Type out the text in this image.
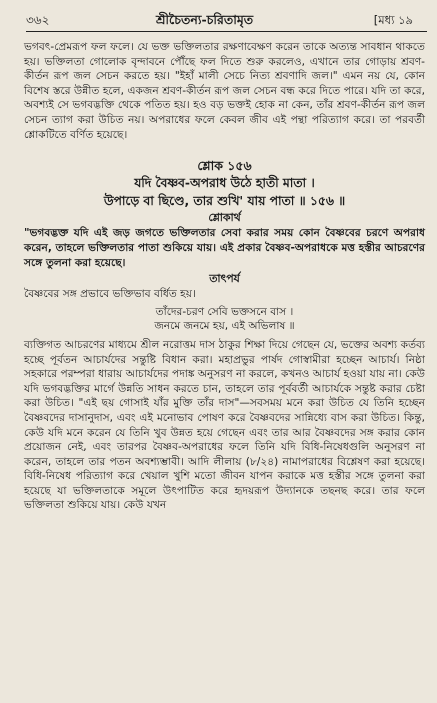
৩৬২	শ্রীচৈতন্য-চরিতামৃত	[মধ্য ১৯

ভগবৎ-প্রেমরূপ ফল ফলে। যে ভক্ত ভক্তিলতার রক্ষণাবেক্ষণ করেন তাকে অত্যন্ত সাবধান থাকতে হয়। ভক্তিলতা গোলোক বৃন্দাবনে পৌঁছে ফল দিতে শুরু করলেও, এখানে তার গোড়ায় শ্রবণ-কীর্তন রূপ জল সেচন করতে হয়। "ইহাঁ মালী সেচে নিত্য শ্রবণাদি জল।" এমন নয় যে, কোন বিশেষ স্তরে উন্নীত হলে, একজন শ্রবণ-কীর্তন রূপ জল সেচন বন্ধ করে দিতে পারে। যদি তা করে, অবশ্যই সে ভগবদ্ভক্তি থেকে পতিত হয়। হও বড় ভক্তই হোক না কেন, তাঁর শ্রবণ-কীর্তন রূপ জল সেচন ত্যাগ করা উচিত নয়। অপরাধের ফলে কেবল জীব এই পন্থা পরিত্যাগ করে। তা পরবর্তী শ্লোকটিতে বর্ণিত হয়েছে।

শ্লোক ১৫৬
যদি বৈষ্ণব-অপরাধ উঠে হাতী মাতা ।
উপাড়ে বা ছিণ্ডে, তার শুখি' যায় পাতা ॥ ১৫৬ ॥
শ্লোকার্থ

"ভগবদ্ভক্ত যদি এই জড় জগতে ভক্তিলতার সেবা করার সময় কোন বৈষ্ণবের চরণে অপরাধ করেন, তাহলে ভক্তিলতার পাতা শুকিয়ে যায়। এই প্রকার বৈষ্ণব-অপরাধকে মত্ত হস্তীর আচরণের সঙ্গে তুলনা করা হয়েছে।

তাৎপর্য

বৈষ্ণবের সঙ্গ প্রভাবে ভক্তিভাব বর্ধিত হয়।

তাঁদের-চরণ সেবি ভক্তসনে বাস ।
জনমে জনমে হয়, এই অভিলাষ ॥

ব্যক্তিগত আচরণের মাধ্যমে শ্রীল নরোত্তম দাস ঠাকুর শিক্ষা দিয়ে গেছেন যে, ভক্তের অবশ্য কর্তব্য হচ্ছে পূর্বতন আচার্যদের সন্তুষ্টি বিধান করা। মহাপ্রভুর পার্ষদ গোস্বামীরা হচ্ছেন আচার্য। নিষ্ঠা সহকারে পরম্পরা ধারায় আচার্যদের পদাঙ্ক অনুসরণ না করলে, কখনও আচার্য হওয়া যায় না। কেউ যদি ভগবদ্ভক্তির মার্গে উন্নতি সাধন করতে চান, তাহলে তার পূর্ববর্তী আচার্যকে সন্তুষ্ট করার চেষ্টা করা উচিত। "এই ছয় গোসাই যাঁর মুক্তি তাঁর দাস"—সবসময় মনে করা উচিত যে তিনি হচ্ছেন বৈষ্ণবদের দাসানুদাস, এবং এই মনোভাব পোষণ করে বৈষ্ণবদের সান্নিধ্যে বাস করা উচিত। কিন্তু, কেউ যদি মনে করেন যে তিনি খুব উন্নত হয়ে গেছেন এবং তার আর বৈষ্ণবদের সঙ্গ করার কোন প্রয়োজন নেই, এবং তারপর বৈষ্ণব-অপরাধের ফলে তিনি যদি বিধি-নিষেধগুলি অনুসরণ না করেন, তাহলে তার পতন অবশ্যম্ভাবী। আদি লীলায় (৮/২৪) নামাপরাধের বিশ্লেষণ করা হয়েছে। বিধি-নিষেধ পরিত্যাগ করে খেয়াল খুশি মতো জীবন যাপন করাকে মত্ত হস্তীর সঙ্গে তুলনা করা হয়েছে যা ভক্তিলতাকে সমূলে উৎপাটিত করে হৃদয়রূপ উদ্যানকে তছনছ করে। তার ফলে ভক্তিলতা শুকিয়ে যায়। কেউ যখন
